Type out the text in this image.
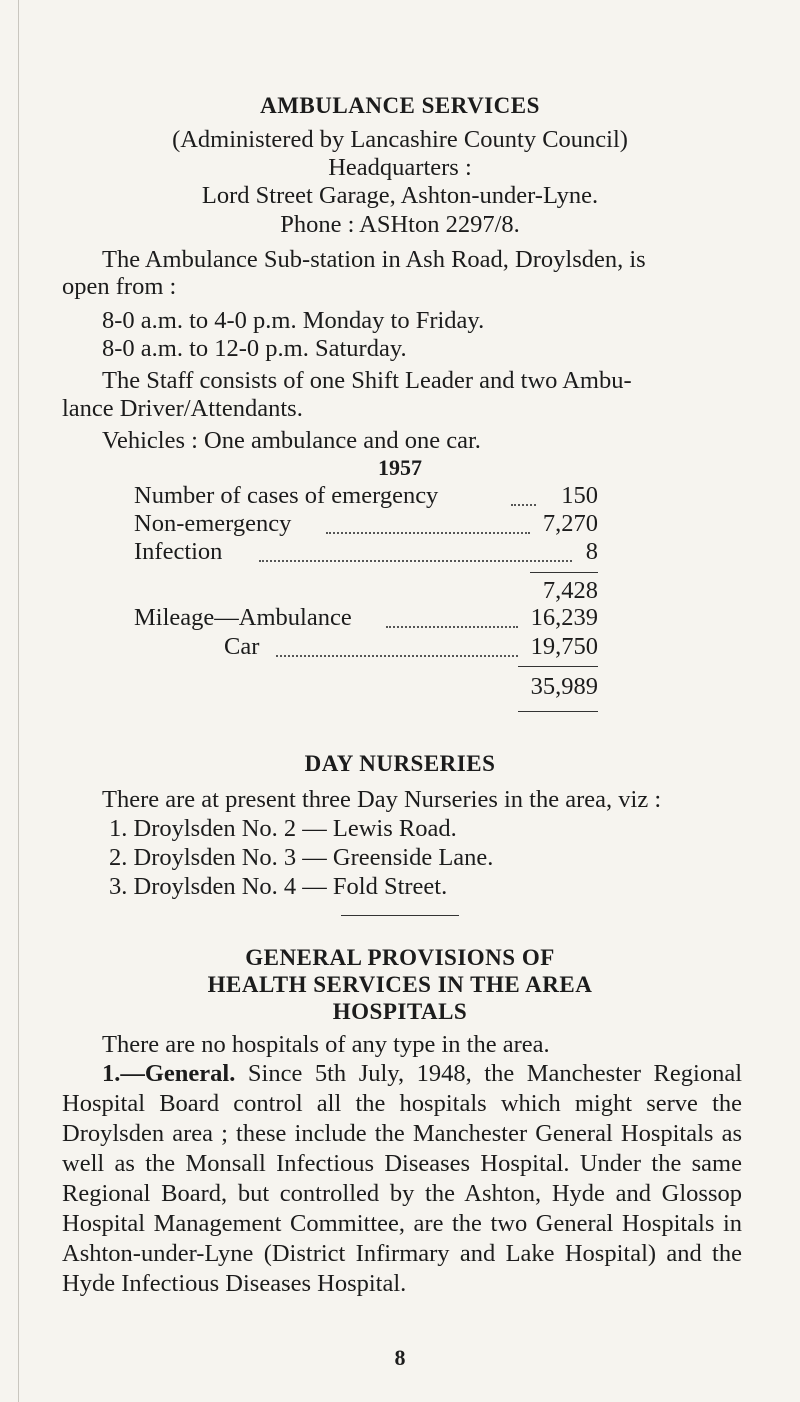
AMBULANCE SERVICES
(Administered by Lancashire County Council)
Headquarters :
Lord Street Garage, Ashton-under-Lyne.
Phone : ASHton 2297/8.
The Ambulance Sub-station in Ash Road, Droylsden, is
open from :
8-0 a.m. to 4-0 p.m. Monday to Friday.
8-0 a.m. to 12-0 p.m. Saturday.
The Staff consists of one Shift Leader and two Ambu-
lance Driver/Attendants.
Vehicles : One ambulance and one car.
1957
Number of cases of emergency	150
Non-emergency	7,270
Infection	8
7,428
Mileage—Ambulance	16,239
Car	19,750
35,989
DAY NURSERIES
There are at present three Day Nurseries in the area, viz :
1. Droylsden No. 2 — Lewis Road.
2. Droylsden No. 3 — Greenside Lane.
3. Droylsden No. 4 — Fold Street.
GENERAL PROVISIONS OF
HEALTH SERVICES IN THE AREA
HOSPITALS
There are no hospitals of any type in the area.
1.—General. Since 5th July, 1948, the Manchester Regional Hospital Board control all the hospitals which might serve the Droylsden area ; these include the Manchester General Hospitals as well as the Monsall Infectious Diseases Hospital. Under the same Regional Board, but controlled by the Ashton, Hyde and Glossop Hospital Management Committee, are the two General Hospitals in Ashton-under-Lyne (District Infirmary and Lake Hospital) and the Hyde Infectious Diseases Hospital.
8
